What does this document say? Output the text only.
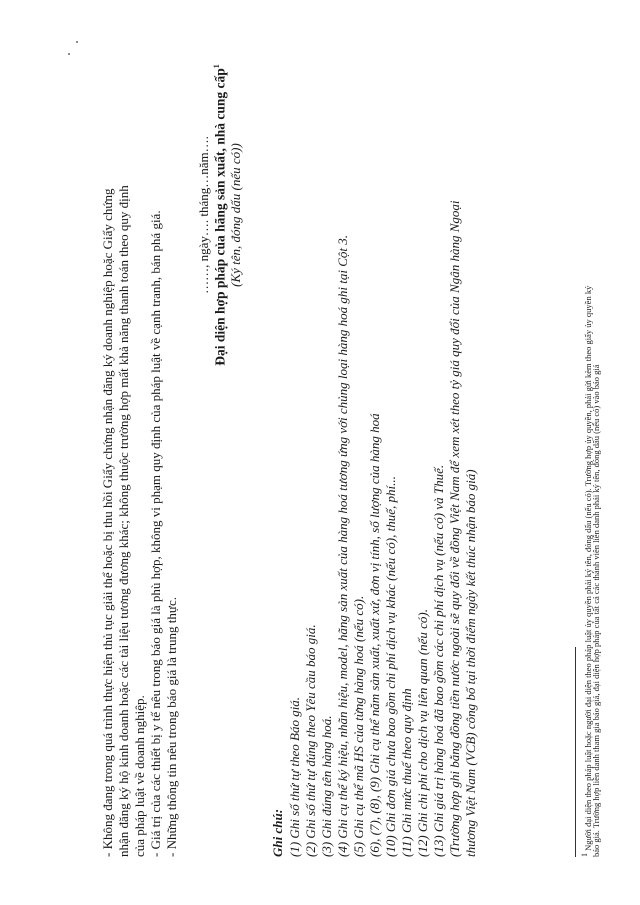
- Không đang trong quá trình thực hiện thủ tục giải thể hoặc bị thu hồi Giấy chứng nhận đăng ký doanh nghiệp hoặc Giấy chứng nhận đăng ký hộ kinh doanh hoặc các tài liệu tương đương khác; không thuộc trường hợp mất khả năng thanh toán theo quy định của pháp luật về doanh nghiệp. - Giá trị của các thiết bị y tế nêu trong báo giá là phù hợp, không vi phạm quy định của pháp luật về cạnh tranh, bán phá giá. - Những thông tin nêu trong báo giá là trung thực.
……, ngày…. tháng…năm…. Đại diện hợp pháp của hãng sản xuất, nhà cung cấp$^1$
(Ký tên, đóng dấu (nếu có))
Ghi chú: (1) Ghi số thứ tự theo Báo giá. (2) Ghi số thứ tự đúng theo Yêu cầu báo giá. (3) Ghi đúng tên hàng hoá. (4) Ghi cụ thể ký hiệu, nhãn hiệu, model, hãng sản xuất của hàng hoá tương ứng với chủng loại hàng hoá ghi tại Cột 3. (5) Ghi cụ thể mã HS của từng hàng hoá (nếu có). (6), (7), (8), (9) Ghi cụ thể năm sản xuất, xuất xứ, đơn vị tính, số lượng của hàng hoá (10) Ghi đơn giá chưa bao gồm chi phí dịch vụ khác (nếu có), thuế, phí... (11) Ghi mức thuế theo quy định (12) Ghi chi phí cho dịch vụ liên quan (nếu có). (13) Ghi giá trị hàng hoá đã bao gồm các chi phí dịch vụ (nếu có) và Thuế. (Trường hợp ghi bằng đồng tiền nước ngoài sẽ quy đổi về đồng Việt Nam để xem xét theo tỷ giá quy đổi của Ngân hàng Ngoại thương Việt Nam (VCB) công bố tại thời điểm ngày kết thúc nhận báo giá)	$^1$ Người đại diện theo pháp luật hoặc người đại diện theo pháp luật ủy quyền phải ký tên, đóng dấu (nếu có). Trường hợp ủy quyền, phải gửi kèm theo giấy ủy quyền ký
báo giá. Trường hợp liên danh tham gia báo giá, đại diện hợp pháp của tất cả các thành viên liên danh phải ký tên, đóng dấu (nếu có) vào báo giá
